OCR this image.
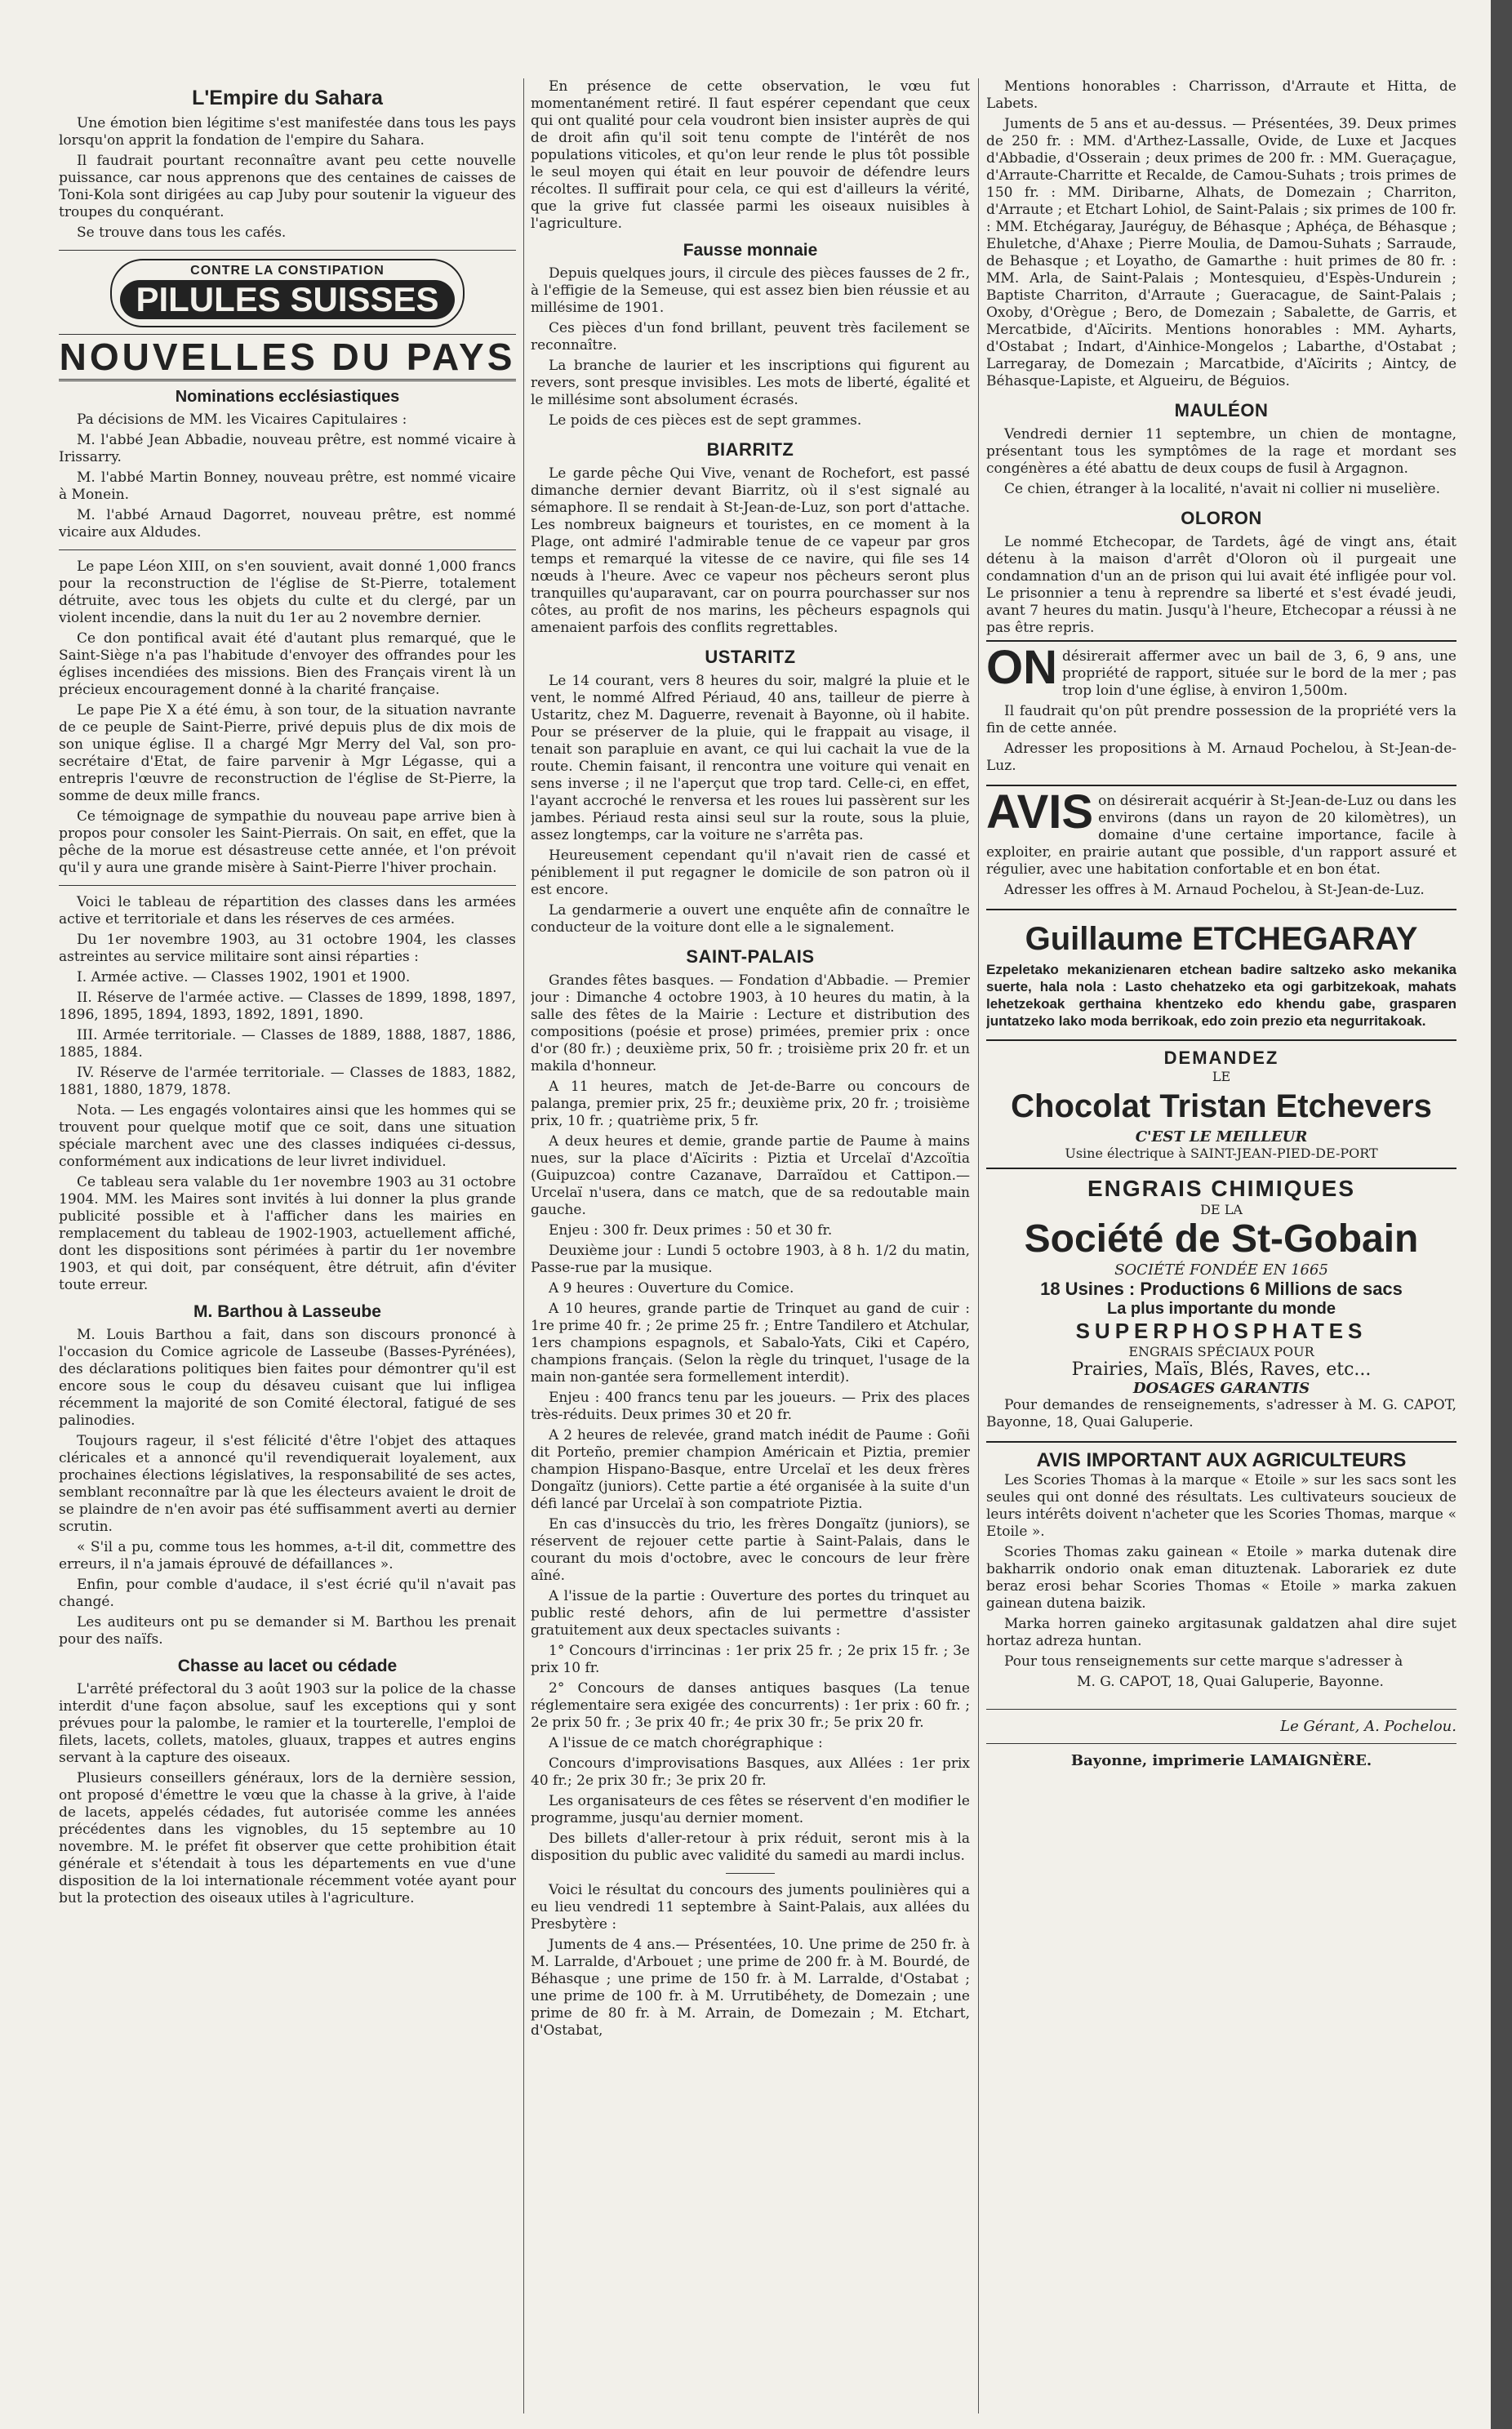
L'Empire du Sahara

Une émotion bien légitime s'est manifestée dans tous les pays lorsqu'on apprit la fondation de l'empire du Sahara.

Il faudrait pourtant reconnaître avant peu cette nouvelle puissance, car nous apprenons que des centaines de caisses de Toni-Kola sont dirigées au cap Juby pour soutenir la vigueur des troupes du conquérant.

Se trouve dans tous les cafés.

CONTRE LA CONSTIPATION
PILULES SUISSES
NOUVELLES DU PAYS
Nominations ecclésiastiques

Pa décisions de MM. les Vicaires Capitulaires :

M. l'abbé Jean Abbadie, nouveau prêtre, est nommé vicaire à Irissarry.

M. l'abbé Martin Bonney, nouveau prêtre, est nommé vicaire à Monein.

M. l'abbé Arnaud Dagorret, nouveau prêtre, est nommé vicaire aux Aldudes.

Le pape Léon XIII, on s'en souvient, avait donné 1,000 francs pour la reconstruction de l'église de St-Pierre, totalement détruite, avec tous les objets du culte et du clergé, par un violent incendie, dans la nuit du 1er au 2 novembre dernier.

Ce don pontifical avait été d'autant plus remarqué, que le Saint-Siège n'a pas l'habitude d'envoyer des offrandes pour les églises incendiées des missions. Bien des Français virent là un précieux encouragement donné à la charité française.

Le pape Pie X a été ému, à son tour, de la situation navrante de ce peuple de Saint-Pierre, privé depuis plus de dix mois de son unique église. Il a chargé Mgr Merry del Val, son pro-secrétaire d'Etat, de faire parvenir à Mgr Légasse, qui a entrepris l'œuvre de reconstruction de l'église de St-Pierre, la somme de deux mille francs.

Ce témoignage de sympathie du nouveau pape arrive bien à propos pour consoler les Saint-Pierrais. On sait, en effet, que la pêche de la morue est désastreuse cette année, et l'on prévoit qu'il y aura une grande misère à Saint-Pierre l'hiver prochain.

Voici le tableau de répartition des classes dans les armées active et territoriale et dans les réserves de ces armées.

Du 1er novembre 1903, au 31 octobre 1904, les classes astreintes au service militaire sont ainsi réparties :

I. Armée active. — Classes 1902, 1901 et 1900.

II. Réserve de l'armée active. — Classes de 1899, 1898, 1897, 1896, 1895, 1894, 1893, 1892, 1891, 1890.

III. Armée territoriale. — Classes de 1889, 1888, 1887, 1886, 1885, 1884.

IV. Réserve de l'armée territoriale. — Classes de 1883, 1882, 1881, 1880, 1879, 1878.

Nota. — Les engagés volontaires ainsi que les hommes qui se trouvent pour quelque motif que ce soit, dans une situation spéciale marchent avec une des classes indiquées ci-dessus, conformément aux indications de leur livret individuel.

Ce tableau sera valable du 1er novembre 1903 au 31 octobre 1904. MM. les Maires sont invités à lui donner la plus grande publicité possible et à l'afficher dans les mairies en remplacement du tableau de 1902-1903, actuellement affiché, dont les dispositions sont périmées à partir du 1er novembre 1903, et qui doit, par conséquent, être détruit, afin d'éviter toute erreur.

M. Barthou à Lasseube

M. Louis Barthou a fait, dans son discours prononcé à l'occasion du Comice agricole de Lasseube (Basses-Pyrénées), des déclarations politiques bien faites pour démontrer qu'il est encore sous le coup du désaveu cuisant que lui infligea récemment la majorité de son Comité électoral, fatigué de ses palinodies.

Toujours rageur, il s'est félicité d'être l'objet des attaques cléricales et a annoncé qu'il revendiquerait loyalement, aux prochaines élections législatives, la responsabilité de ses actes, semblant reconnaître par là que les électeurs avaient le droit de se plaindre de n'en avoir pas été suffisamment averti au dernier scrutin.

« S'il a pu, comme tous les hommes, a-t-il dit, commettre des erreurs, il n'a jamais éprouvé de défaillances ».

Enfin, pour comble d'audace, il s'est écrié qu'il n'avait pas changé.

Les auditeurs ont pu se demander si M. Barthou les prenait pour des naïfs.

Chasse au lacet ou cédade

L'arrêté préfectoral du 3 août 1903 sur la police de la chasse interdit d'une façon absolue, sauf les exceptions qui y sont prévues pour la palombe, le ramier et la tourterelle, l'emploi de filets, lacets, collets, matoles, gluaux, trappes et autres engins servant à la capture des oiseaux.

Plusieurs conseillers généraux, lors de la dernière session, ont proposé d'émettre le vœu que la chasse à la grive, à l'aide de lacets, appelés cédades, fut autorisée comme les années précédentes dans les vignobles, du 15 septembre au 10 novembre. M. le préfet fit observer que cette prohibition était générale et s'étendait à tous les départements en vue d'une disposition de la loi internationale récemment votée ayant pour but la protection des oiseaux utiles à l'agriculture.

En présence de cette observation, le vœu fut momentanément retiré. Il faut espérer cependant que ceux qui ont qualité pour cela voudront bien insister auprès de qui de droit afin qu'il soit tenu compte de l'intérêt de nos populations viticoles, et qu'on leur rende le plus tôt possible le seul moyen qui était en leur pouvoir de défendre leurs récoltes. Il suffirait pour cela, ce qui est d'ailleurs la vérité, que la grive fut classée parmi les oiseaux nuisibles à l'agriculture.

Fausse monnaie

Depuis quelques jours, il circule des pièces fausses de 2 fr., à l'effigie de la Semeuse, qui est assez bien bien réussie et au millésime de 1901.

Ces pièces d'un fond brillant, peuvent très facilement se reconnaître.

La branche de laurier et les inscriptions qui figurent au revers, sont presque invisibles. Les mots de liberté, égalité et le millésime sont absolument écrasés.

Le poids de ces pièces est de sept grammes.

BIARRITZ

Le garde pêche Qui Vive, venant de Rochefort, est passé dimanche dernier devant Biarritz, où il s'est signalé au sémaphore. Il se rendait à St-Jean-de-Luz, son port d'attache. Les nombreux baigneurs et touristes, en ce moment à la Plage, ont admiré l'admirable tenue de ce vapeur par gros temps et remarqué la vitesse de ce navire, qui file ses 14 nœuds à l'heure. Avec ce vapeur nos pêcheurs seront plus tranquilles qu'auparavant, car on pourra pourchasser sur nos côtes, au profit de nos marins, les pêcheurs espagnols qui amenaient parfois des conflits regrettables.

USTARITZ

Le 14 courant, vers 8 heures du soir, malgré la pluie et le vent, le nommé Alfred Périaud, 40 ans, tailleur de pierre à Ustaritz, chez M. Daguerre, revenait à Bayonne, où il habite. Pour se préserver de la pluie, qui le frappait au visage, il tenait son parapluie en avant, ce qui lui cachait la vue de la route. Chemin faisant, il rencontra une voiture qui venait en sens inverse ; il ne l'aperçut que trop tard. Celle-ci, en effet, l'ayant accroché le renversa et les roues lui passèrent sur les jambes. Périaud resta ainsi seul sur la route, sous la pluie, assez longtemps, car la voiture ne s'arrêta pas.

Heureusement cependant qu'il n'avait rien de cassé et péniblement il put regagner le domicile de son patron où il est encore.

La gendarmerie a ouvert une enquête afin de connaître le conducteur de la voiture dont elle a le signalement.

SAINT-PALAIS

Grandes fêtes basques. — Fondation d'Abbadie. — Premier jour : Dimanche 4 octobre 1903, à 10 heures du matin, à la salle des fêtes de la Mairie : Lecture et distribution des compositions (poésie et prose) primées, premier prix : once d'or (80 fr.) ; deuxième prix, 50 fr. ; troisième prix 20 fr. et un makila d'honneur.

A 11 heures, match de Jet-de-Barre ou concours de palanga, premier prix, 25 fr.; deuxième prix, 20 fr. ; troisième prix, 10 fr. ; quatrième prix, 5 fr.

A deux heures et demie, grande partie de Paume à mains nues, sur la place d'Aïcirits : Piztia et Urcelaï d'Azcoïtia (Guipuzcoa) contre Cazanave, Darraïdou et Cattipon.— Urcelaï n'usera, dans ce match, que de sa redoutable main gauche.

Enjeu : 300 fr. Deux primes : 50 et 30 fr.

Deuxième jour : Lundi 5 octobre 1903, à 8 h. 1/2 du matin, Passe-rue par la musique.

A 9 heures : Ouverture du Comice.

A 10 heures, grande partie de Trinquet au gand de cuir : 1re prime 40 fr. ; 2e prime 25 fr. ; Entre Tandilero et Atchular, 1ers champions espagnols, et Sabalo-Yats, Ciki et Capéro, champions français. (Selon la règle du trinquet, l'usage de la main non-gantée sera formellement interdit).

Enjeu : 400 francs tenu par les joueurs. — Prix des places très-réduits. Deux primes 30 et 20 fr.

A 2 heures de relevée, grand match inédit de Paume : Goñi dit Porteño, premier champion Américain et Piztia, premier champion Hispano-Basque, entre Urcelaï et les deux frères Dongaïtz (juniors). Cette partie a été organisée à la suite d'un défi lancé par Urcelaï à son compatriote Piztia.

En cas d'insuccès du trio, les frères Dongaïtz (juniors), se réservent de rejouer cette partie à Saint-Palais, dans le courant du mois d'octobre, avec le concours de leur frère aîné.

A l'issue de la partie : Ouverture des portes du trinquet au public resté dehors, afin de lui permettre d'assister gratuitement aux deux spectacles suivants :

1° Concours d'irrincinas : 1er prix 25 fr. ; 2e prix 15 fr. ; 3e prix 10 fr.

2° Concours de danses antiques basques (La tenue réglementaire sera exigée des concurrents) : 1er prix : 60 fr. ; 2e prix 50 fr. ; 3e prix 40 fr.; 4e prix 30 fr.; 5e prix 20 fr.

A l'issue de ce match chorégraphique :

Concours d'improvisations Basques, aux Allées : 1er prix 40 fr.; 2e prix 30 fr.; 3e prix 20 fr.

Les organisateurs de ces fêtes se réservent d'en modifier le programme, jusqu'au dernier moment.

Des billets d'aller-retour à prix réduit, seront mis à la disposition du public avec validité du samedi au mardi inclus.

Voici le résultat du concours des juments poulinières qui a eu lieu vendredi 11 septembre à Saint-Palais, aux allées du Presbytère :

Juments de 4 ans.— Présentées, 10. Une prime de 250 fr. à M. Larralde, d'Arbouet ; une prime de 200 fr. à M. Bourdé, de Béhasque ; une prime de 150 fr. à M. Larralde, d'Ostabat ; une prime de 100 fr. à M. Urrutibéhety, de Domezain ; une prime de 80 fr. à M. Arrain, de Domezain ; M. Etchart, d'Ostabat,

Mentions honorables : Charrisson, d'Arraute et Hitta, de Labets.

Juments de 5 ans et au-dessus. — Présentées, 39. Deux primes de 250 fr. : MM. d'Arthez-Lassalle, Ovide, de Luxe et Jacques d'Abbadie, d'Osserain ; deux primes de 200 fr. : MM. Gueraçague, d'Arraute-Charritte et Recalde, de Camou-Suhats ; trois primes de 150 fr. : MM. Diribarne, Alhats, de Domezain ; Charriton, d'Arraute ; et Etchart Lohiol, de Saint-Palais ; six primes de 100 fr. : MM. Etchégaray, Jauréguy, de Béhasque ; Aphéça, de Béhasque ; Ehuletche, d'Ahaxe ; Pierre Moulia, de Damou-Suhats ; Sarraude, de Behasque ; et Loyatho, de Gamarthe : huit primes de 80 fr. : MM. Arla, de Saint-Palais ; Montesquieu, d'Espès-Undurein ; Baptiste Charriton, d'Arraute ; Gueracague, de Saint-Palais ; Oxoby, d'Orègue ; Bero, de Domezain ; Sabalette, de Garris, et Mercatbide, d'Aïcirits. Mentions honorables : MM. Ayharts, d'Ostabat ; Indart, d'Ainhice-Mongelos ; Labarthe, d'Ostabat ; Larregaray, de Domezain ; Marcatbide, d'Aïcirits ; Aintcy, de Béhasque-Lapiste, et Algueiru, de Béguios.

MAULÉON

Vendredi dernier 11 septembre, un chien de montagne, présentant tous les symptômes de la rage et mordant ses congénères a été abattu de deux coups de fusil à Argagnon.

Ce chien, étranger à la localité, n'avait ni collier ni muselière.

OLORON

Le nommé Etchecopar, de Tardets, âgé de vingt ans, était détenu à la maison d'arrêt d'Oloron où il purgeait une condamnation d'un an de prison qui lui avait été infligée pour vol. Le prisonnier a tenu à reprendre sa liberté et s'est évadé jeudi, avant 7 heures du matin. Jusqu'à l'heure, Etchecopar a réussi à ne pas être repris.

ON désirerait affermer avec un bail de 3, 6, 9 ans, une propriété de rapport, située sur le bord de la mer ; pas trop loin d'une église, à environ 1,500m.

Il faudrait qu'on pût prendre possession de la propriété vers la fin de cette année.

Adresser les propositions à M. Arnaud Pochelou, à St-Jean-de-Luz.

AVIS on désirerait acquérir à St-Jean-de-Luz ou dans les environs (dans un rayon de 20 kilomètres), un domaine d'une certaine importance, facile à exploiter, en prairie autant que possible, d'un rapport assuré et régulier, avec une habitation confortable et en bon état.

Adresser les offres à M. Arnaud Pochelou, à St-Jean-de-Luz.

Guillaume ETCHEGARAY

Ezpeletako mekanizienaren etchean badire saltzeko asko mekanika suerte, hala nola : Lasto chehatzeko eta ogi garbitzekoak, mahats lehetzekoak gerthaina khentzeko edo khendu gabe, grasparen juntatzeko lako moda berrikoak, edo zoin prezio eta negurritakoak.

DEMANDEZ
LE
Chocolat Tristan Etchevers
C'EST LE MEILLEUR
Usine électrique à SAINT-JEAN-PIED-DE-PORT
ENGRAIS CHIMIQUES
DE LA
Société de St-Gobain
SOCIÉTÉ FONDÉE EN 1665
18 Usines : Productions 6 Millions de sacs
La plus importante du monde
SUPERPHOSPHATES
ENGRAIS SPÉCIAUX POUR
Prairies, Maïs, Blés, Raves, etc...
DOSAGES GARANTIS

Pour demandes de renseignements, s'adresser à M. G. CAPOT, Bayonne, 18, Quai Galuperie.

AVIS IMPORTANT AUX AGRICULTEURS

Les Scories Thomas à la marque « Etoile » sur les sacs sont les seules qui ont donné des résultats. Les cultivateurs soucieux de leurs intérêts doivent n'acheter que les Scories Thomas, marque « Etoile ».

Scories Thomas zaku gainean « Etoile » marka dutenak dire bakharrik ondorio onak eman dituztenak. Laborariek ez dute beraz erosi behar Scories Thomas « Etoile » marka zakuen gainean dutena baizik.

Marka horren gaineko argitasunak galdatzen ahal dire sujet hortaz adreza huntan.

Pour tous renseignements sur cette marque s'adresser à

M. G. CAPOT, 18, Quai Galuperie, Bayonne.

Le Gérant, A. Pochelou.
Bayonne, imprimerie LAMAIGNÈRE.
